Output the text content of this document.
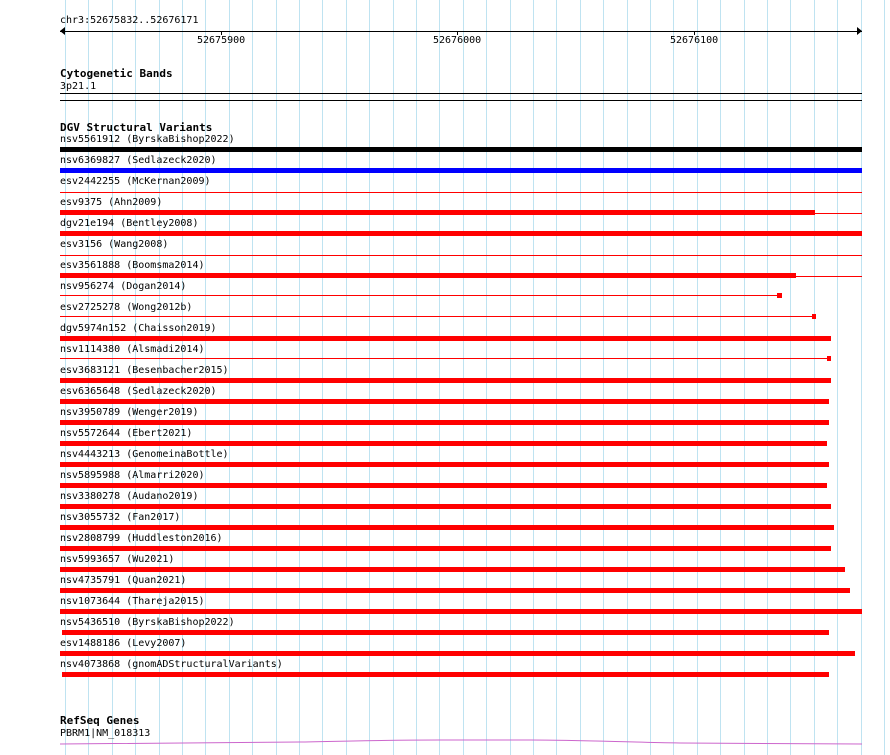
chr3:52675832..52676171
52675900	52676000	52676100
Cytogenetic Bands
3p21.1
DGV Structural Variants
nsv5561912 (ByrskaBishop2022)
nsv6369827 (Sedlazeck2020)
esv2442255 (McKernan2009)
esv9375 (Ahn2009)
dgv21e194 (Bentley2008)
esv3156 (Wang2008)
esv3561888 (Boomsma2014)
nsv956274 (Dogan2014)
esv2725278 (Wong2012b)
dgv5974n152 (Chaisson2019)
nsv1114380 (Alsmadi2014)
esv3683121 (Besenbacher2015)
esv6365648 (Sedlazeck2020)
nsv3950789 (Wenger2019)
nsv5572644 (Ebert2021)
nsv4443213 (GenomeinaBottle)
nsv5895988 (Almarri2020)
nsv3380278 (Audano2019)
nsv3055732 (Fan2017)
nsv2808799 (Huddleston2016)
nsv5993657 (Wu2021)
nsv4735791 (Quan2021)
nsv1073644 (Thareja2015)
nsv5436510 (ByrskaBishop2022)
esv1488186 (Levy2007)
nsv4073868 (gnomADStructuralVariants)
RefSeq Genes
PBRM1|NM_018313
